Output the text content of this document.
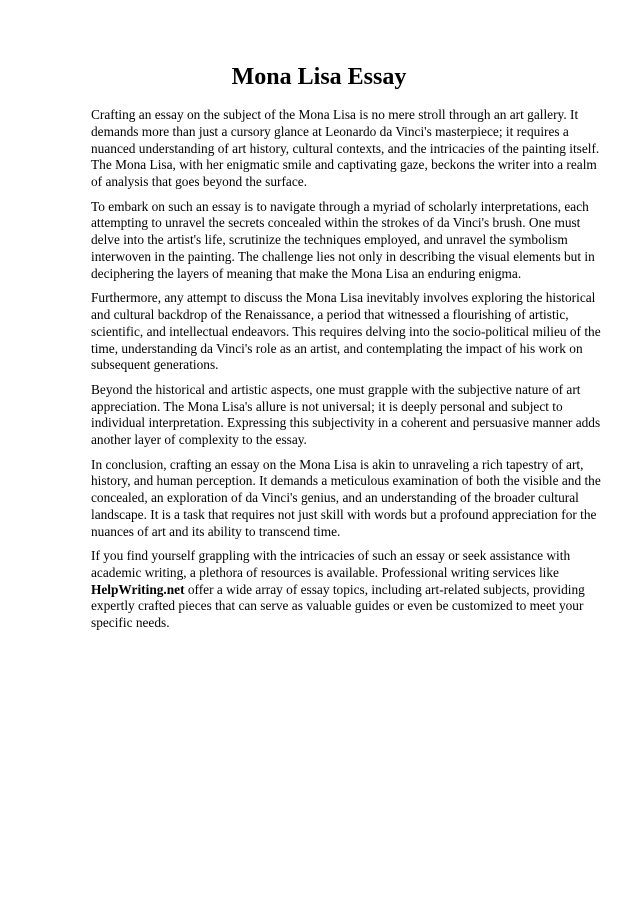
Mona Lisa Essay

Crafting an essay on the subject of the Mona Lisa is no mere stroll through an art gallery. It demands more than just a cursory glance at Leonardo da Vinci's masterpiece; it requires a nuanced understanding of art history, cultural contexts, and the intricacies of the painting itself. The Mona Lisa, with her enigmatic smile and captivating gaze, beckons the writer into a realm of analysis that goes beyond the surface.

To embark on such an essay is to navigate through a myriad of scholarly interpretations, each attempting to unravel the secrets concealed within the strokes of da Vinci's brush. One must delve into the artist's life, scrutinize the techniques employed, and unravel the symbolism interwoven in the painting. The challenge lies not only in describing the visual elements but in deciphering the layers of meaning that make the Mona Lisa an enduring enigma.

Furthermore, any attempt to discuss the Mona Lisa inevitably involves exploring the historical and cultural backdrop of the Renaissance, a period that witnessed a flourishing of artistic, scientific, and intellectual endeavors. This requires delving into the socio-political milieu of the time, understanding da Vinci's role as an artist, and contemplating the impact of his work on subsequent generations.

Beyond the historical and artistic aspects, one must grapple with the subjective nature of art appreciation. The Mona Lisa's allure is not universal; it is deeply personal and subject to individual interpretation. Expressing this subjectivity in a coherent and persuasive manner adds another layer of complexity to the essay.

In conclusion, crafting an essay on the Mona Lisa is akin to unraveling a rich tapestry of art, history, and human perception. It demands a meticulous examination of both the visible and the concealed, an exploration of da Vinci's genius, and an understanding of the broader cultural landscape. It is a task that requires not just skill with words but a profound appreciation for the nuances of art and its ability to transcend time.

If you find yourself grappling with the intricacies of such an essay or seek assistance with academic writing, a plethora of resources is available. Professional writing services like HelpWriting.net offer a wide array of essay topics, including art-related subjects, providing expertly crafted pieces that can serve as valuable guides or even be customized to meet your specific needs.
